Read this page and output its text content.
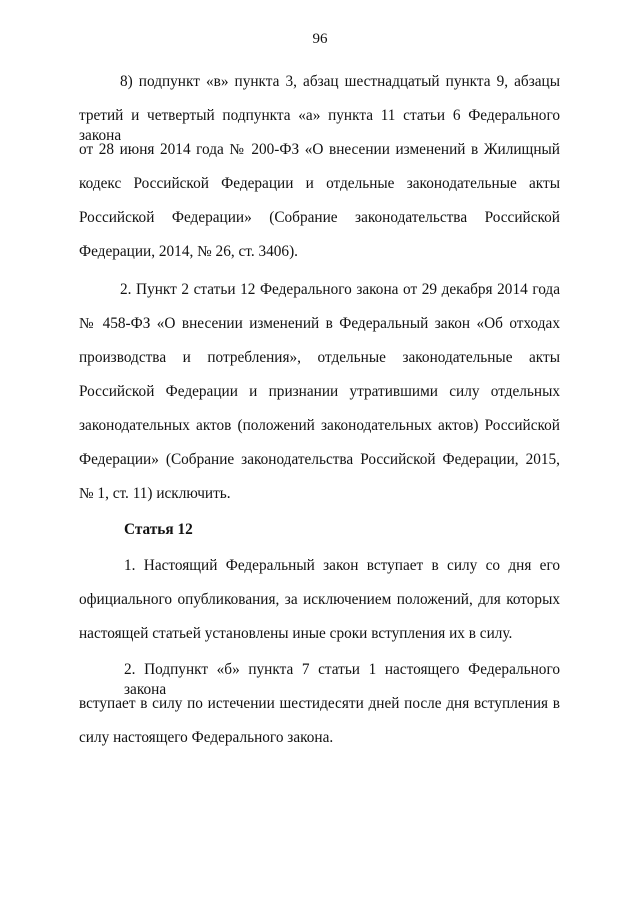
96
8) подпункт «в» пункта 3, абзац шестнадцатый пункта 9, абзацы
третий и четвертый подпункта «а» пункта 11 статьи 6 Федерального закона
от 28 июня 2014 года № 200-ФЗ «О внесении изменений в Жилищный
кодекс Российской Федерации и отдельные законодательные акты
Российской Федерации» (Собрание законодательства Российской
Федерации, 2014, № 26, ст. 3406).
2. Пункт 2 статьи 12 Федерального закона от 29 декабря 2014 года
№ 458-ФЗ «О внесении изменений в Федеральный закон «Об отходах
производства и потребления», отдельные законодательные акты
Российской Федерации и признании утратившими силу отдельных
законодательных актов (положений законодательных актов) Российской
Федерации» (Собрание законодательства Российской Федерации, 2015,
№ 1, ст. 11) исключить.
Статья 12
1. Настоящий Федеральный закон вступает в силу со дня его
официального опубликования, за исключением положений, для которых
настоящей статьей установлены иные сроки вступления их в силу.
2. Подпункт «б» пункта 7 статьи 1 настоящего Федерального закона
вступает в силу по истечении шестидесяти дней после дня вступления в
силу настоящего Федерального закона.
